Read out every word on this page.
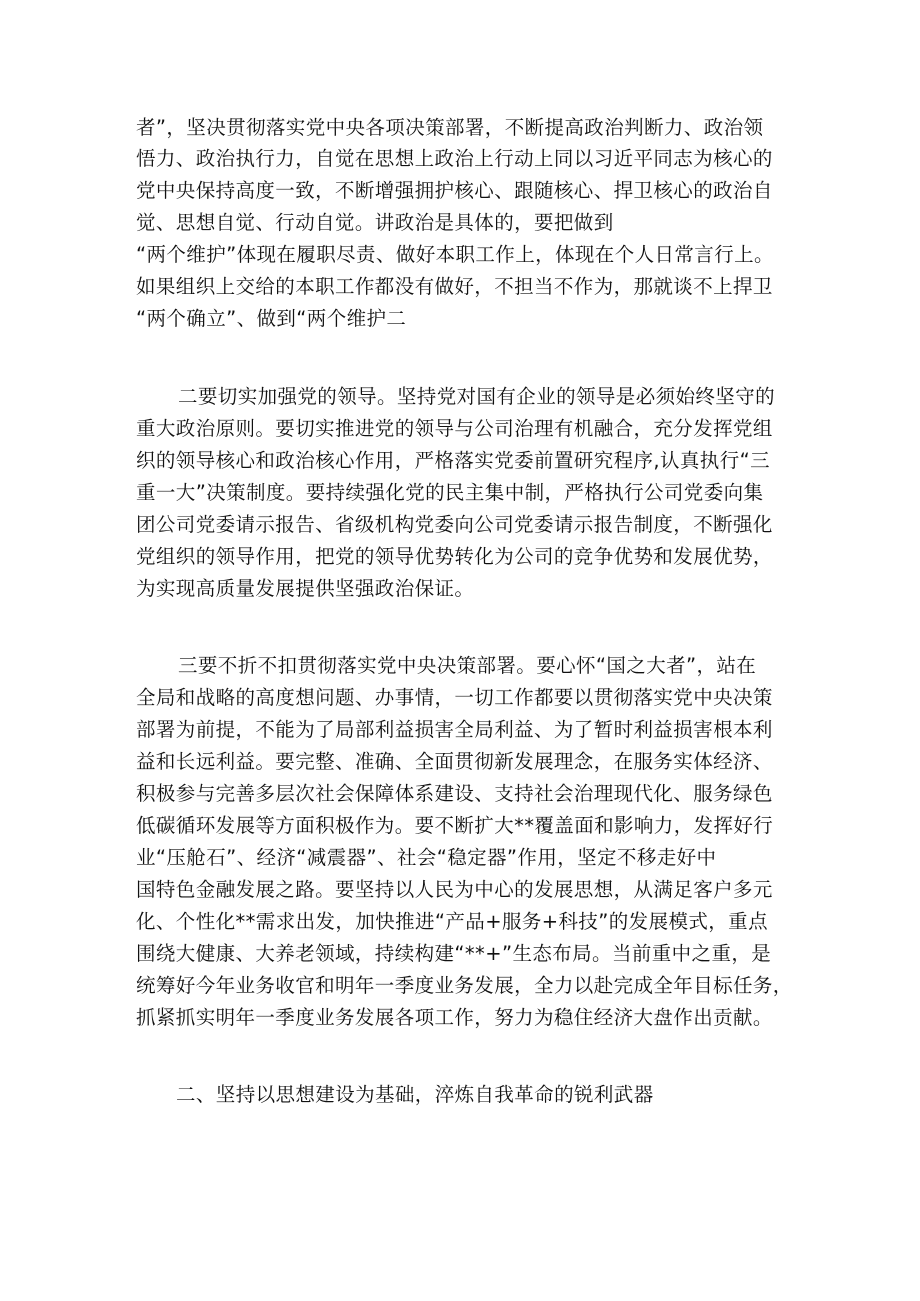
者”，坚决贯彻落实党中央各项决策部署，不断提高政治判断力、政治领
悟力、政治执行力，自觉在思想上政治上行动上同以习近平同志为核心的
党中央保持高度一致，不断增强拥护核心、跟随核心、捍卫核心的政治自
觉、思想自觉、行动自觉。讲政治是具体的，要把做到
“两个维护”体现在履职尽责、做好本职工作上，体现在个人日常言行上。
如果组织上交给的本职工作都没有做好，不担当不作为，那就谈不上捍卫
“两个确立”、做到“两个维护二
二要切实加强党的领导。坚持党对国有企业的领导是必须始终坚守的
重大政治原则。要切实推进党的领导与公司治理有机融合，充分发挥党组
织的领导核心和政治核心作用，严格落实党委前置研究程序,认真执行“三
重一大”决策制度。要持续强化党的民主集中制，严格执行公司党委向集
团公司党委请示报告、省级机构党委向公司党委请示报告制度，不断强化
党组织的领导作用，把党的领导优势转化为公司的竞争优势和发展优势，
为实现高质量发展提供坚强政治保证。
三要不折不扣贯彻落实党中央决策部署。要心怀“国之大者”，站在
全局和战略的高度想问题、办事情，一切工作都要以贯彻落实党中央决策
部署为前提，不能为了局部利益损害全局利益、为了暂时利益损害根本利
益和长远利益。要完整、准确、全面贯彻新发展理念，在服务实体经济、
积极参与完善多层次社会保障体系建设、支持社会治理现代化、服务绿色
低碳循环发展等方面积极作为。要不断扩大**覆盖面和影响力，发挥好行
业“压舱石”、经济“减震器”、社会“稳定器”作用，坚定不移走好中
国特色金融发展之路。要坚持以人民为中心的发展思想，从满足客户多元
化、个性化**需求出发，加快推进“产品+服务+科技”的发展模式，重点
围绕大健康、大养老领域，持续构建“**+”生态布局。当前重中之重，是
统筹好今年业务收官和明年一季度业务发展，全力以赴完成全年目标任务，
抓紧抓实明年一季度业务发展各项工作，努力为稳住经济大盘作出贡献。
二、坚持以思想建设为基础，淬炼自我革命的锐利武器
